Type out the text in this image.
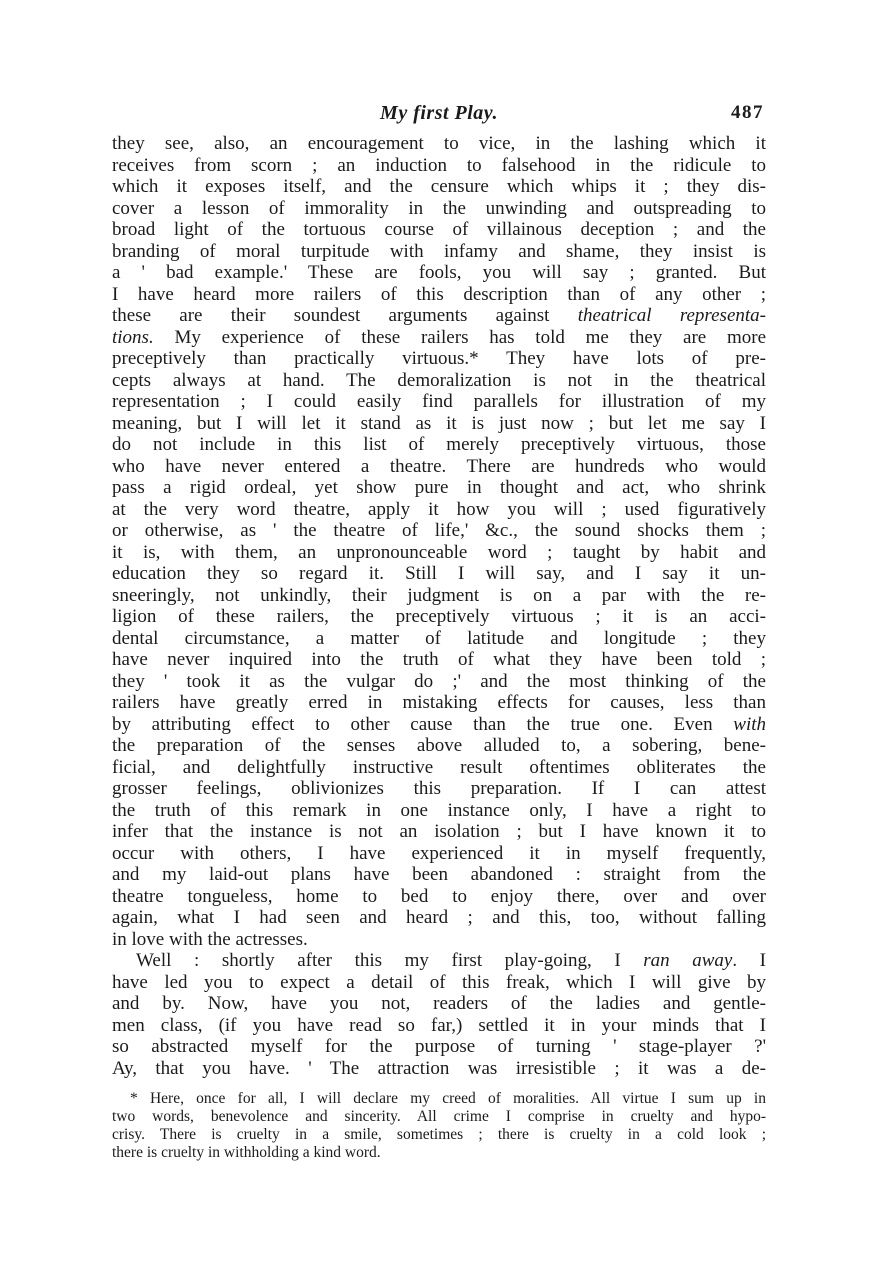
My first Play.	487
they see, also, an encouragement to vice, in the lashing which it
receives from scorn ; an induction to falsehood in the ridicule to
which it exposes itself, and the censure which whips it ; they dis-
cover a lesson of immorality in the unwinding and outspreading to
broad light of the tortuous course of villainous deception ; and the
branding of moral turpitude with infamy and shame, they insist is
a ' bad example.' These are fools, you will say ; granted. But
I have heard more railers of this description than of any other ;
these are their soundest arguments against theatrical representa-
tions. My experience of these railers has told me they are more
preceptively than practically virtuous.* They have lots of pre-
cepts always at hand. The demoralization is not in the theatrical
representation ; I could easily find parallels for illustration of my
meaning, but I will let it stand as it is just now ; but let me say I
do not include in this list of merely preceptively virtuous, those
who have never entered a theatre. There are hundreds who would
pass a rigid ordeal, yet show pure in thought and act, who shrink
at the very word theatre, apply it how you will ; used figuratively
or otherwise, as ' the theatre of life,' &c., the sound shocks them ;
it is, with them, an unpronounceable word ; taught by habit and
education they so regard it. Still I will say, and I say it un-
sneeringly, not unkindly, their judgment is on a par with the re-
ligion of these railers, the preceptively virtuous ; it is an acci-
dental circumstance, a matter of latitude and longitude ; they
have never inquired into the truth of what they have been told ;
they ' took it as the vulgar do ;' and the most thinking of the
railers have greatly erred in mistaking effects for causes, less than
by attributing effect to other cause than the true one. Even with
the preparation of the senses above alluded to, a sobering, bene-
ficial, and delightfully instructive result oftentimes obliterates the
grosser feelings, oblivionizes this preparation. If I can attest
the truth of this remark in one instance only, I have a right to
infer that the instance is not an isolation ; but I have known it to
occur with others, I have experienced it in myself frequently,
and my laid-out plans have been abandoned : straight from the
theatre tongueless, home to bed to enjoy there, over and over
again, what I had seen and heard ; and this, too, without falling
in love with the actresses.
Well : shortly after this my first play-going, I ran away. I
have led you to expect a detail of this freak, which I will give by
and by. Now, have you not, readers of the ladies and gentle-
men class, (if you have read so far,) settled it in your minds that I
so abstracted myself for the purpose of turning ' stage-player ?'
Ay, that you have. ' The attraction was irresistible ; it was a de-
* Here, once for all, I will declare my creed of moralities. All virtue I sum up in
two words, benevolence and sincerity. All crime I comprise in cruelty and hypo-
crisy. There is cruelty in a smile, sometimes ; there is cruelty in a cold look ;
there is cruelty in withholding a kind word.
